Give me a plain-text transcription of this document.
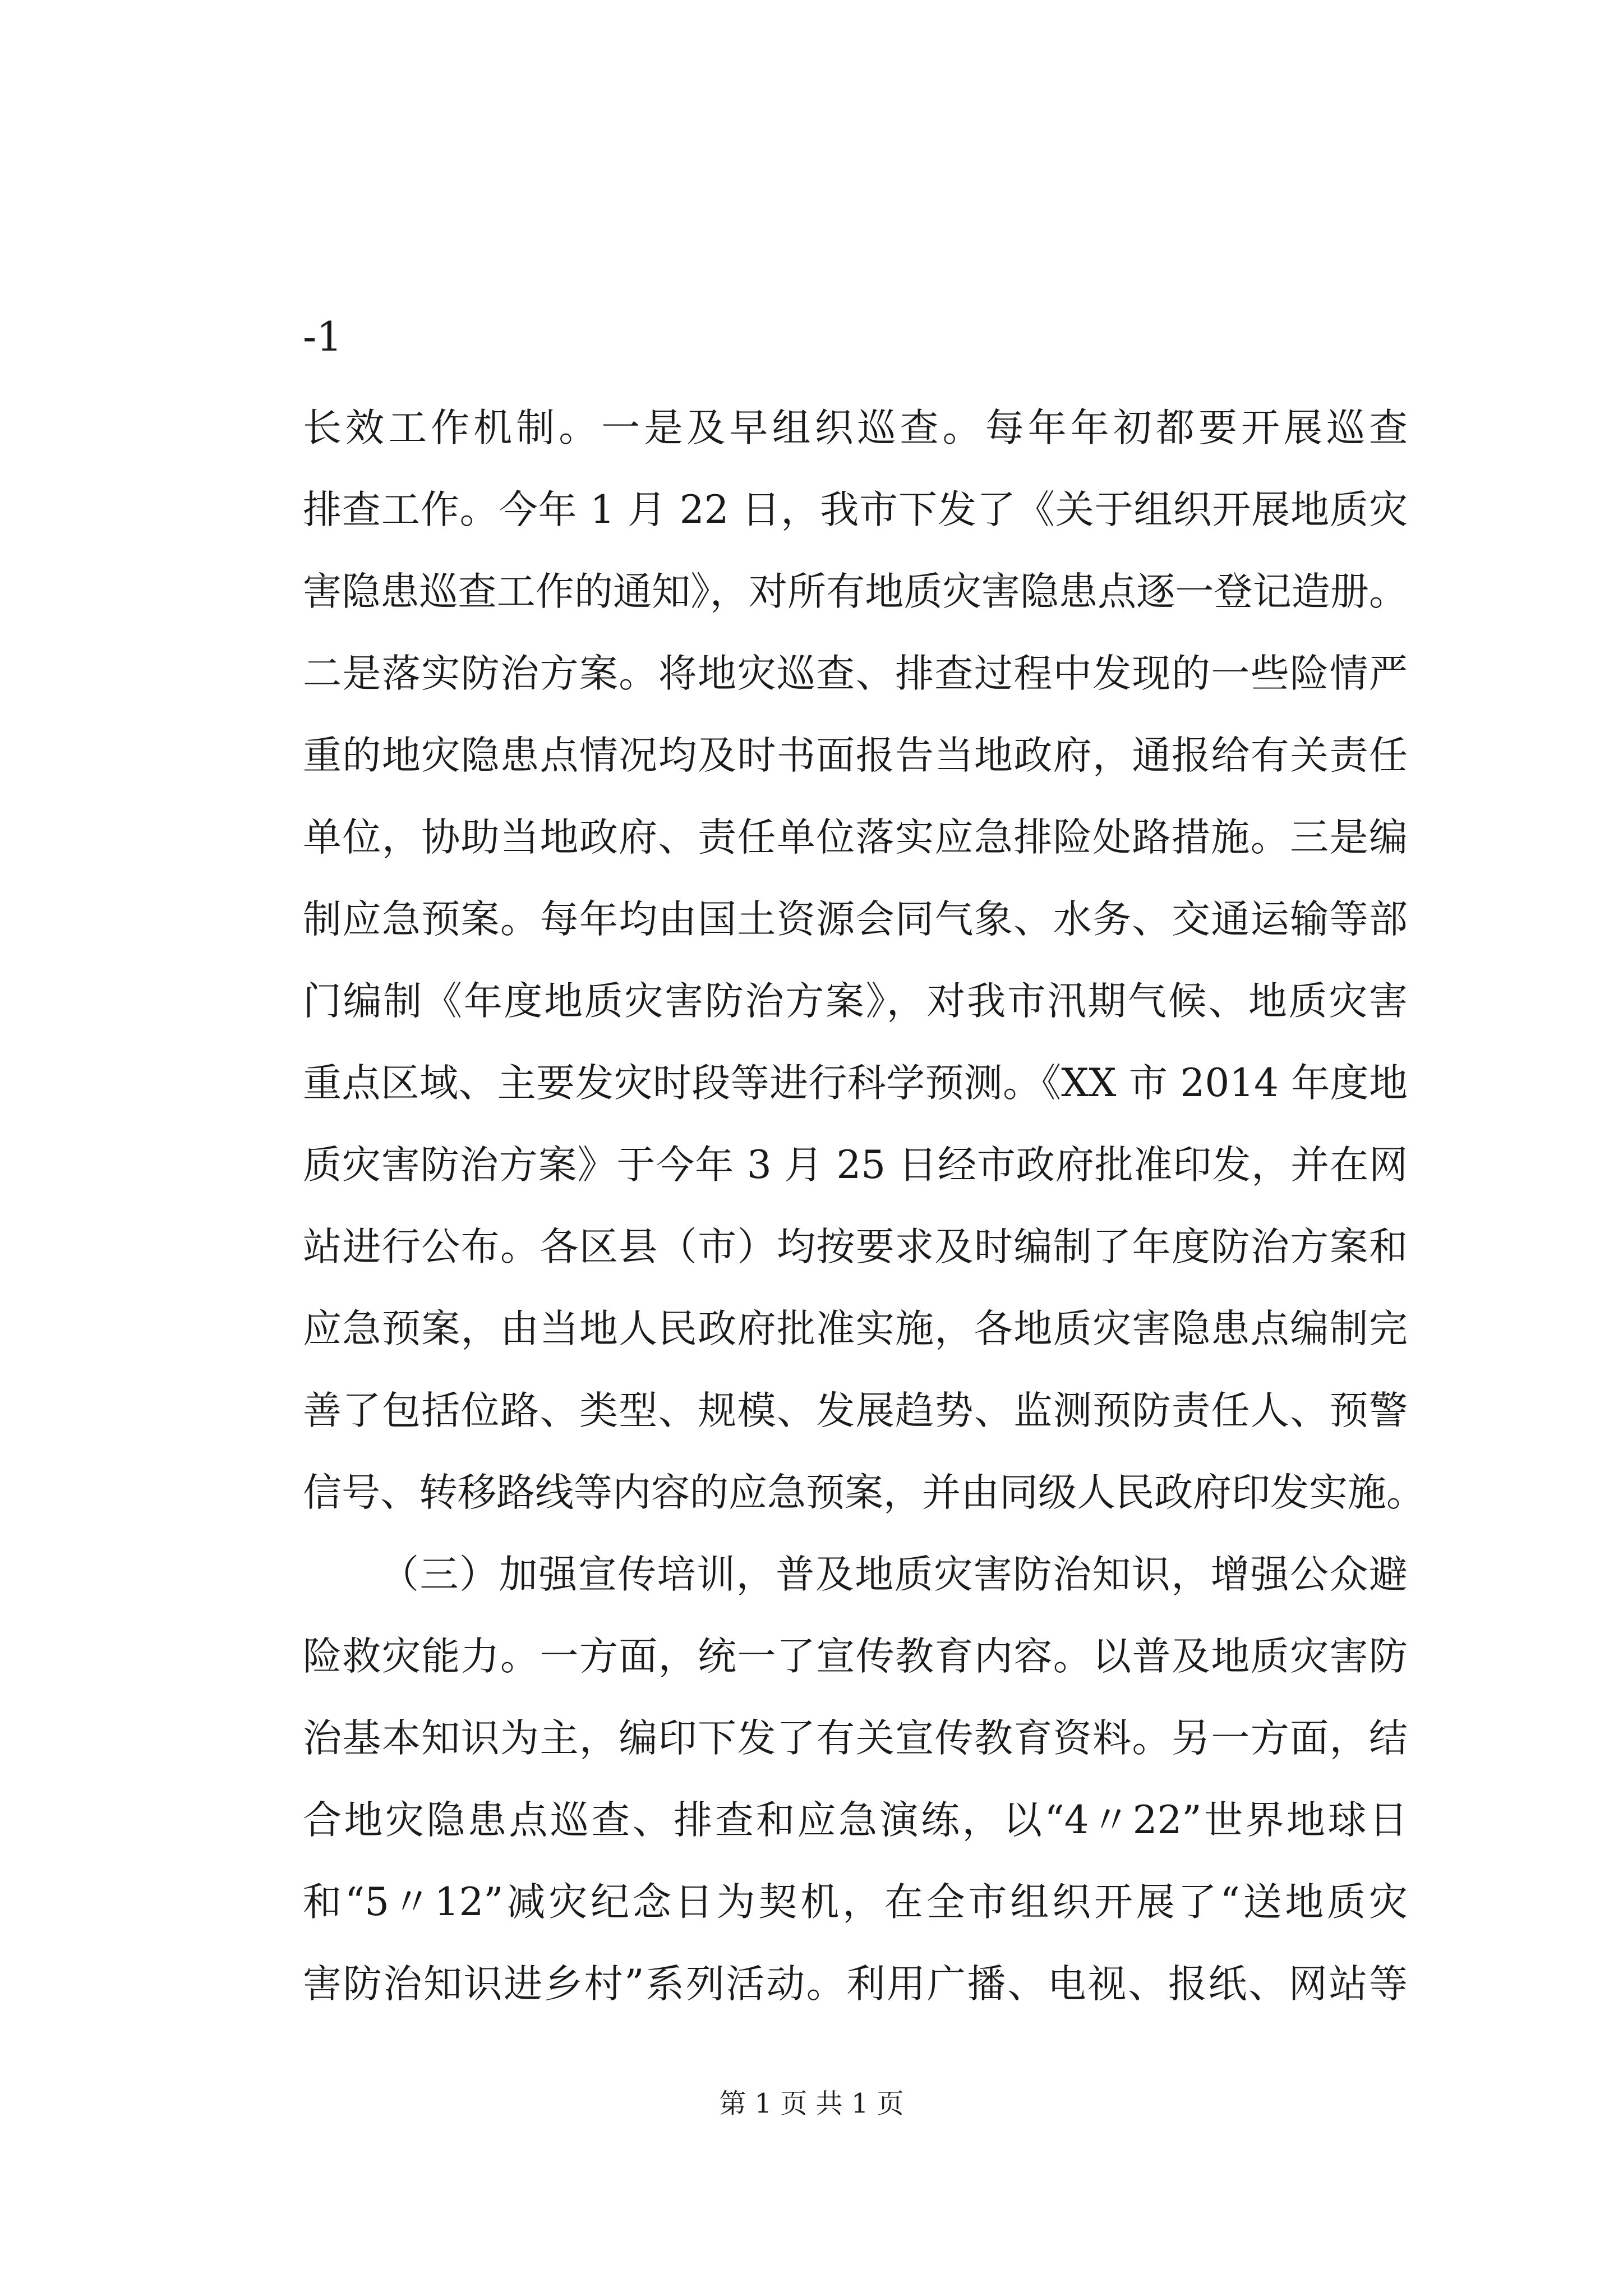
-1
长效工作机制。一是及早组织巡查。每年年初都要开展巡查
排查工作。今年 1 月 22 日，我市下发了《关于组织开展地质灾
害隐患巡查工作的通知》，对所有地质灾害隐患点逐一登记造册。
二是落实防治方案。将地灾巡查、排查过程中发现的一些险情严
重的地灾隐患点情况均及时书面报告当地政府，通报给有关责任
单位，协助当地政府、责任单位落实应急排险处路措施。三是编
制应急预案。每年均由国土资源会同气象、水务、交通运输等部
门编制《年度地质灾害防治方案》，对我市汛期气候、地质灾害
重点区域、主要发灾时段等进行科学预测。《XX 市 2014 年度地
质灾害防治方案》于今年 3 月 25 日经市政府批准印发，并在网
站进行公布。各区县（市）均按要求及时编制了年度防治方案和
应急预案，由当地人民政府批准实施，各地质灾害隐患点编制完
善了包括位路、类型、规模、发展趋势、监测预防责任人、预警
信号、转移路线等内容的应急预案，并由同级人民政府印发实施。
（三）加强宣传培训，普及地质灾害防治知识，增强公众避
险救灾能力。一方面，统一了宣传教育内容。以普及地质灾害防
治基本知识为主，编印下发了有关宣传教育资料。另一方面，结
合地灾隐患点巡查、排查和应急演练，以“4〃22”世界地球日
和“5〃12”减灾纪念日为契机，在全市组织开展了“送地质灾
害防治知识进乡村”系列活动。利用广播、电视、报纸、网站等
第 1 页 共 1 页
